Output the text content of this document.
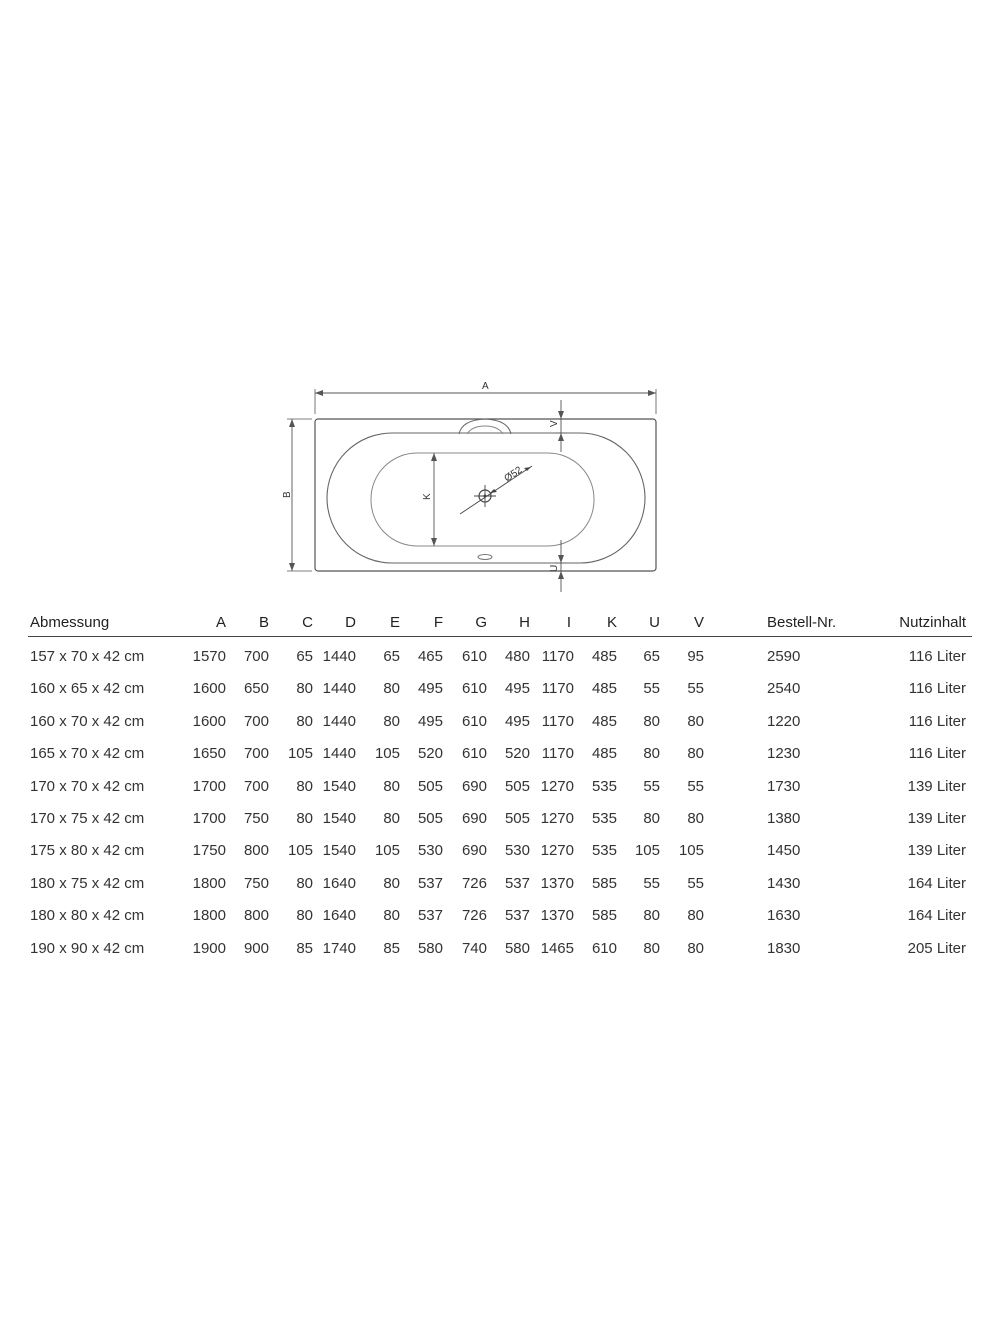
Ø52
A
B	K
V
U
Abmessung	A B C D E F G H I K U V	Bestell-Nr.	Nutzinhalt
157 x 70 x 42 cm	1570 700 65 1440 65 465 610 480 1170 485 65 95	2590	116 Liter
160 x 65 x 42 cm	1600 650 80 1440 80 495 610 495 1170 485 55 55	2540	116 Liter
160 x 70 x 42 cm	1600 700 80 1440 80 495 610 495 1170 485 80 80	1220	116 Liter
165 x 70 x 42 cm	1650 700 105 1440 105 520 610 520 1170 485 80 80	1230	116 Liter
170 x 70 x 42 cm	1700 700 80 1540 80 505 690 505 1270 535 55 55	1730	139 Liter
170 x 75 x 42 cm	1700 750 80 1540 80 505 690 505 1270 535 80 80	1380	139 Liter
175 x 80 x 42 cm	1750 800 105 1540 105 530 690 530 1270 535 105 105	1450	139 Liter
180 x 75 x 42 cm	1800 750 80 1640 80 537 726 537 1370 585 55 55	1430	164 Liter
180 x 80 x 42 cm	1800 800 80 1640 80 537 726 537 1370 585 80 80	1630	164 Liter
190 x 90 x 42 cm	1900 900 85 1740 85 580 740 580 1465 610 80 80	1830	205 Liter
